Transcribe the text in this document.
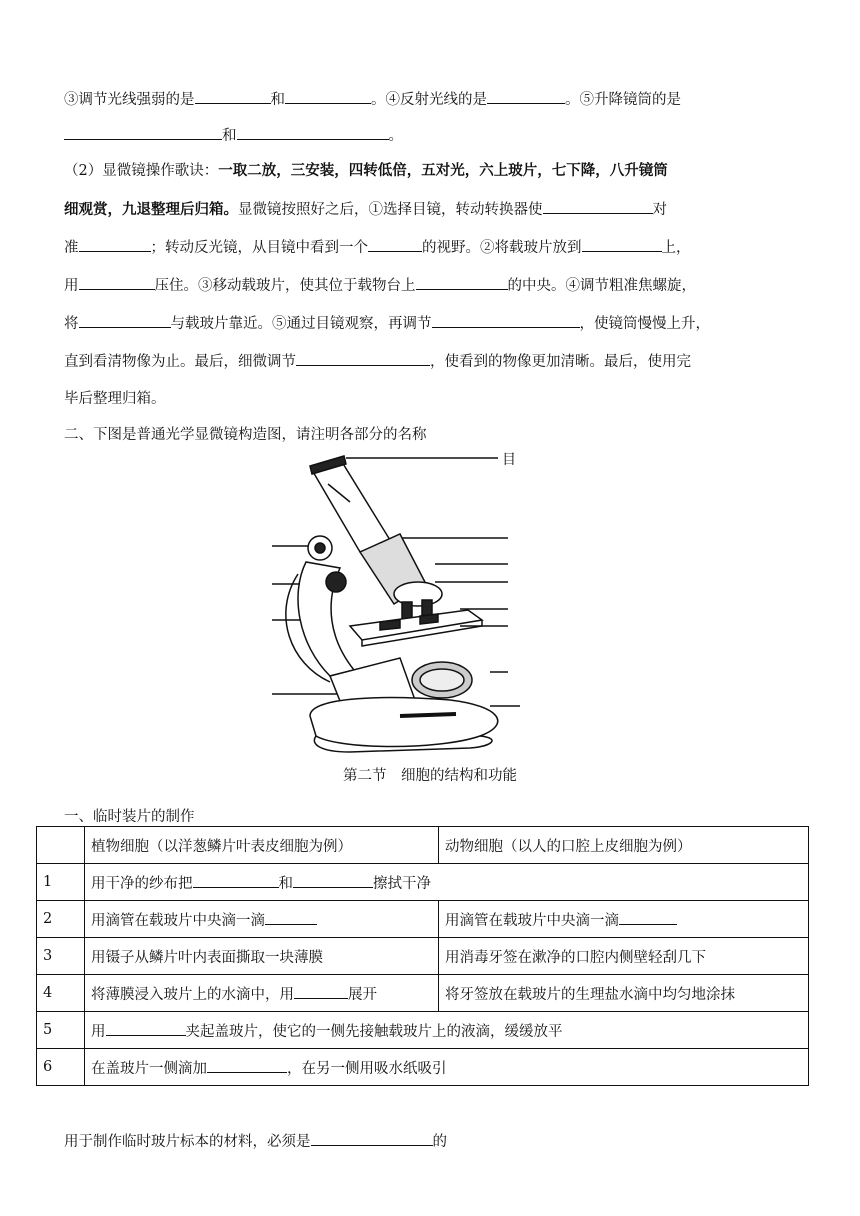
③调节光线强弱的是	和	。④反射光线的是	。⑤升降镜筒的是
和	。
（2）显微镜操作歌诀：一取二放，三安装，四转低倍，五对光，六上玻片，七下降，八升镜筒
细观赏，九退整理后归箱。显微镜按照好之后，①选择目镜，转动转换器使	对
准	；转动反光镜，从目镜中看到一个	的视野。②将载玻片放到	上，
用	压住。③移动载玻片，使其位于载物台上	的中央。④调节粗准焦螺旋，
将	与载玻片靠近。⑤通过目镜观察，再调节	，使镜筒慢慢上升，
直到看清物像为止。最后，细微调节	，使看到的物像更加清晰。最后，使用完
毕后整理归箱。
二、下图是普通光学显微镜构造图，请注明各部分的名称
目
第二节　细胞的结构和功能
一、临时装片的制作
	植物细胞（以洋葱鳞片叶表皮细胞为例）	动物细胞（以人的口腔上皮细胞为例）
1	用干净的纱布把 和 擦拭干净	
2	用滴管在载玻片中央滴一滴	用滴管在载玻片中央滴一滴
3	用镊子从鳞片叶内表面撕取一块薄膜	用消毒牙签在漱净的口腔内侧壁轻刮几下
4	将薄膜浸入玻片上的水滴中，用 展开	将牙签放在载玻片的生理盐水滴中均匀地涂抹
5	用 夹起盖玻片，使它的一侧先接触载玻片上的液滴，缓缓放平	
6	在盖玻片一侧滴加 ，在另一侧用吸水纸吸引	
用于制作临时玻片标本的材料，必须是	的
